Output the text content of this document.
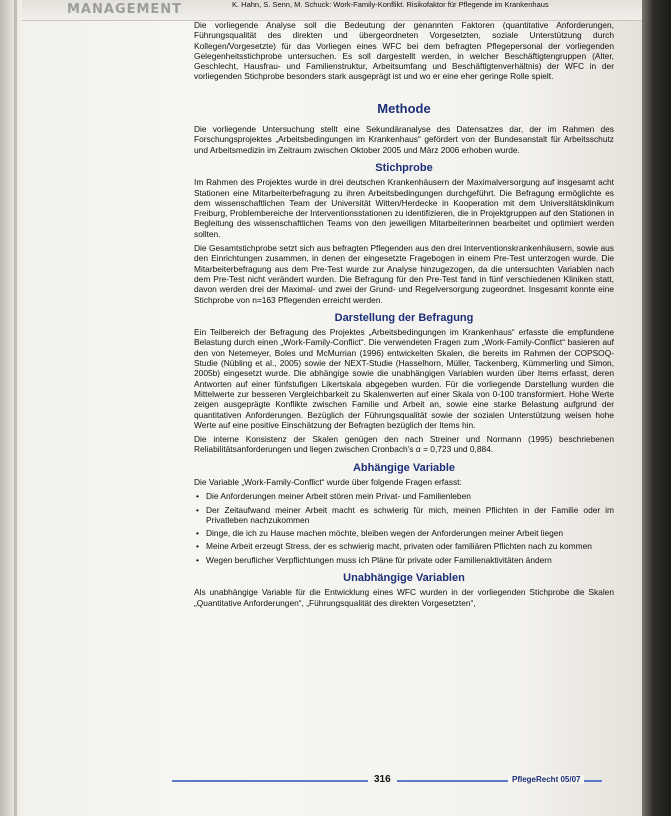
MANAGEMENT	K. Hahn, S. Senn, M. Schuck: Work-Family-Konflikt. Risikofaktor für Pflegende im Krankenhaus

Die vorliegende Analyse soll die Bedeutung der genannten Faktoren (quantitative Anforderungen, Führungsqualität des direkten und übergeordneten Vorgesetzten, soziale Unterstützung durch Kollegen/Vorgesetzte) für das Vorliegen eines WFC bei dem befragten Pflegepersonal der vorliegenden Gelegenheitsstichprobe untersuchen. Es soll dargestellt werden, in welcher Beschäftigtengruppen (Alter, Geschlecht, Hausfrau- und Familienstruktur, Arbeitsumfang und Beschäftigtenverhältnis) der WFC in der vorliegenden Stichprobe besonders stark ausgeprägt ist und wo er eine eher geringe Rolle spielt.

Methode

Die vorliegende Untersuchung stellt eine Sekundäranalyse des Datensatzes dar, der im Rahmen des Forschungsprojektes „Arbeitsbedingungen im Krankenhaus“ gefördert von der Bundesanstalt für Arbeitsschutz und Arbeitsmedizin im Zeitraum zwischen Oktober 2005 und März 2006 erhoben wurde.

Stichprobe

Im Rahmen des Projektes wurde in drei deutschen Krankenhäusern der Maximalversorgung auf insgesamt acht Stationen eine Mitarbeiterbefragung zu ihren Arbeitsbedingungen durchgeführt. Die Befragung ermöglichte es dem wissenschaftlichen Team der Universität Witten/Herdecke in Kooperation mit dem Universitätsklinikum Freiburg, Problembereiche der Interventionsstationen zu identifizieren, die in Projektgruppen auf den Stationen in Begleitung des wissenschaftlichen Teams von den jeweiligen Mitarbeiterinnen bearbeitet und optimiert werden sollten.

Die Gesamtstichprobe setzt sich aus befragten Pflegenden aus den drei Interventionskrankenhäusern, sowie aus den Einrichtungen zusammen, in denen der eingesetzte Fragebogen in einem Pre-Test unterzogen wurde. Die Mitarbeiterbefragung aus dem Pre-Test wurde zur Analyse hinzugezogen, da die untersuchten Variablen nach dem Pre-Test nicht verändert wurden. Die Befragung für den Pre-Test fand in fünf verschiedenen Kliniken statt, davon werden drei der Maximal- und zwei der Grund- und Regelversorgung zugeordnet. Insgesamt konnte eine Stichprobe von n=163 Pflegenden erreicht werden.

Darstellung der Befragung

Ein Teilbereich der Befragung des Projektes „Arbeitsbedingungen im Krankenhaus“ erfasste die empfundene Belastung durch einen „Work-Family-Conflict“. Die verwendeten Fragen zum „Work-Family-Conflict“ basieren auf den von Netemeyer, Boles und McMurrian (1996) entwickelten Skalen, die bereits im Rahmen der COPSOQ-Studie (Nübling et al., 2005) sowie der NEXT-Studie (Hasselhorn, Müller, Tackenberg, Kümmerling und Simon, 2005b) eingesetzt wurde. Die abhängige sowie die unabhängigen Variablen wurden über Items erfasst, deren Antworten auf einer fünfstufigen Likertskala abgegeben wurden. Für die vorliegende Darstellung wurden die Mittelwerte zur besseren Vergleichbarkeit zu Skalenwerten auf einer Skala von 0-100 transformiert. Hohe Werte zeigen ausgeprägte Konflikte zwischen Familie und Arbeit an, sowie eine starke Belastung aufgrund der quantitativen Anforderungen. Bezüglich der Führungsqualität sowie der sozialen Unterstützung weisen hohe Werte auf eine positive Einschätzung der Befragten bezüglich der Items hin.

Die interne Konsistenz der Skalen genügen den nach Streiner und Normann (1995) beschriebenen Reliabilitätsanforderungen und liegen zwischen Cronbach’s α = 0,723 und 0,884.

Abhängige Variable

Die Variable „Work-Family-Conflict“ wurde über folgende Fragen erfasst:

• Die Anforderungen meiner Arbeit stören mein Privat- und Familienleben
• Der Zeitaufwand meiner Arbeit macht es schwierig für mich, meinen Pflichten in der Familie oder im Privatleben nachzukommen
• Dinge, die ich zu Hause machen möchte, bleiben wegen der Anforderungen meiner Arbeit liegen
• Meine Arbeit erzeugt Stress, der es schwierig macht, privaten oder familiären Pflichten nach zu kommen
• Wegen beruflicher Verpflichtungen muss ich Pläne für private oder Familienaktivitäten ändern
Unabhängige Variablen

Als unabhängige Variable für die Entwicklung eines WFC wurden in der vorliegenden Stichprobe die Skalen „Quantitative Anforderungen“, „Führungsqualität des direkten Vorgesetzten“,

316	PflegeRecht 05/07
